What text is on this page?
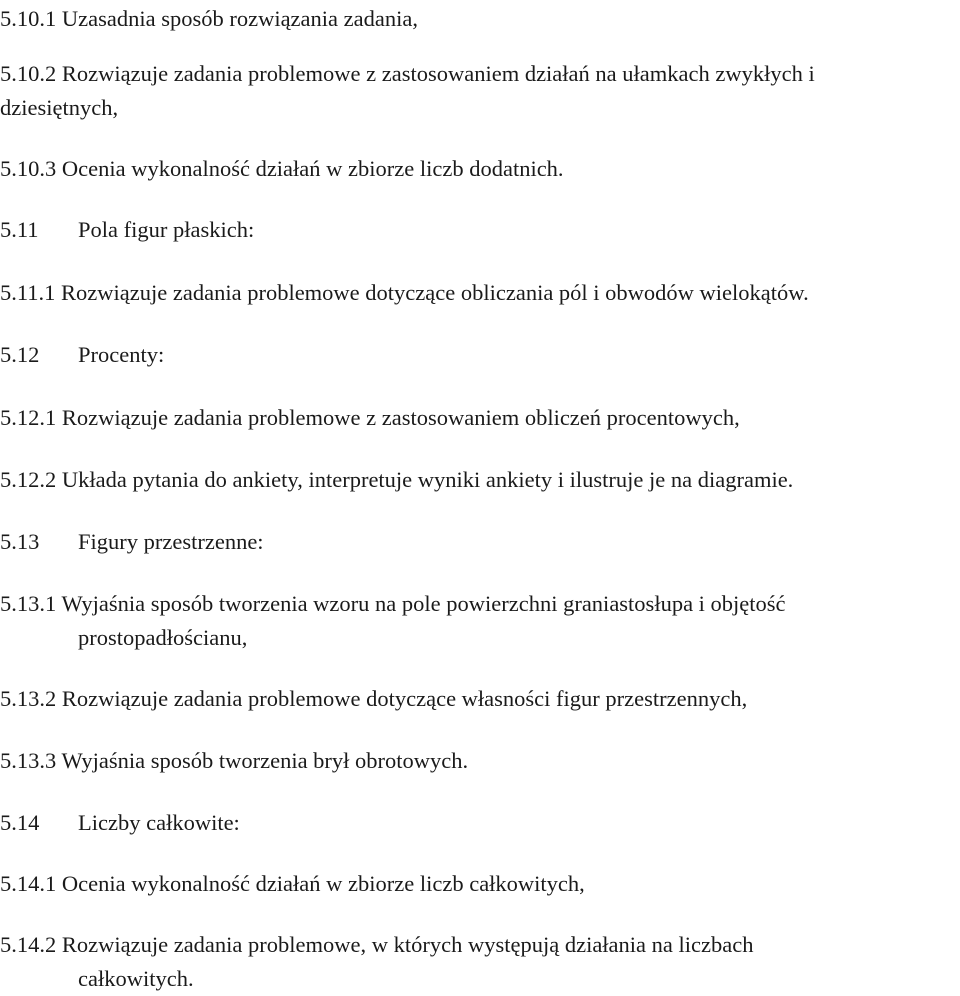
5.10.1 Uzasadnia sposób rozwiązania zadania,
5.10.2 Rozwiązuje zadania problemowe z zastosowaniem działań na ułamkach zwykłych i
dziesiętnych,
5.10.3 Ocenia wykonalność działań w zbiorze liczb dodatnich.
5.11 Pola figur płaskich:
5.11.1 Rozwiązuje zadania problemowe dotyczące obliczania pól i obwodów wielokątów.
5.12 Procenty:
5.12.1 Rozwiązuje zadania problemowe z zastosowaniem obliczeń procentowych,
5.12.2 Układa pytania do ankiety, interpretuje wyniki ankiety i ilustruje je na diagramie.
5.13 Figury przestrzenne:
5.13.1 Wyjaśnia sposób tworzenia wzoru na pole powierzchni graniastosłupa i objętość
prostopadłościanu,
5.13.2 Rozwiązuje zadania problemowe dotyczące własności figur przestrzennych,
5.13.3 Wyjaśnia sposób tworzenia brył obrotowych.
5.14 Liczby całkowite:
5.14.1 Ocenia wykonalność działań w zbiorze liczb całkowitych,
5.14.2 Rozwiązuje zadania problemowe, w których występują działania na liczbach
całkowitych.
